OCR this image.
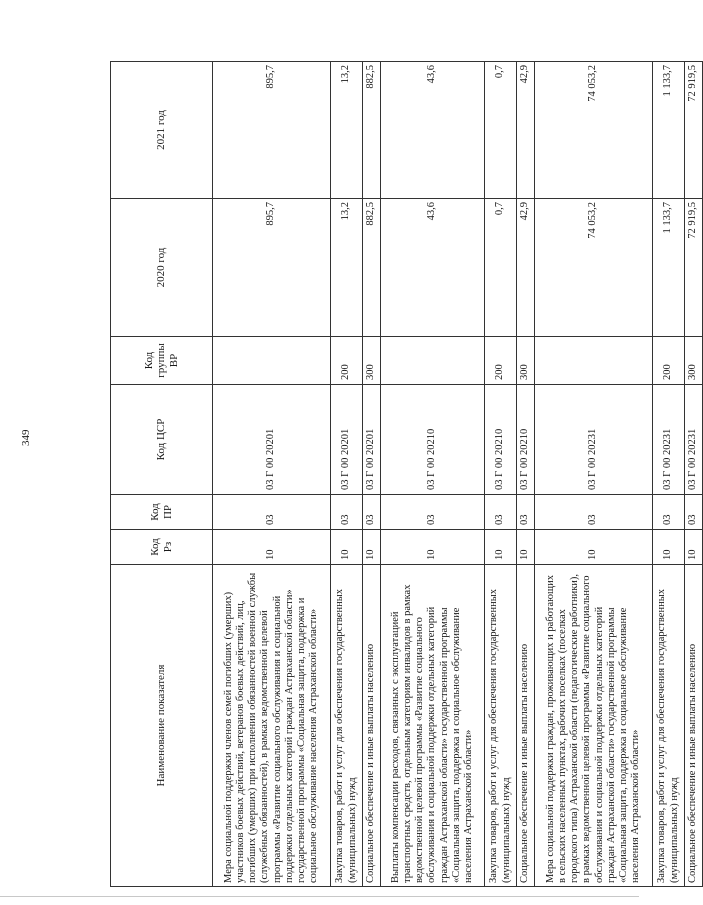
349
Наименование показателя	Код Рз	Код ПР	Код ЦСР	Код группы ВР	2020 год	2021 год
Мера социальной поддержки членов семей погибших (умерших) участников боевых действий, ветеранов боевых действий, лиц, погибших (умерших) при исполнении обязанностей военной службы (служебных обязанностей), в рамках ведомственной целевой программы «Развитие социального обслуживания и социальной поддержки отдельных категорий граждан Астраханской области» государственной программы «Социальная защита, поддержка и социальное обслуживание населения Астраханской области»	10	03	03 Г 00 20201		895,7	895,7
Закупка товаров, работ и услуг для обеспечения государственных (муниципальных) нужд	10	03	03 Г 00 20201	200	13,2	13,2
Социальное обеспечение и иные выплаты населению	10	03	03 Г 00 20201	300	882,5	882,5
Выплаты компенсации расходов, связанных с эксплуатацией транспортных средств, отдельным категориям инвалидов в рамках ведомственной целевой программы «Развитие социального обслуживания и социальной поддержки отдельных категорий граждан Астраханской области» государственной программы «Социальная защита, поддержка и социальное обслуживание населения Астраханской области»	10	03	03 Г 00 20210		43,6	43,6
Закупка товаров, работ и услуг для обеспечения государственных (муниципальных) нужд	10	03	03 Г 00 20210	200	0,7	0,7
Социальное обеспечение и иные выплаты населению	10	03	03 Г 00 20210	300	42,9	42,9
Мера социальной поддержки граждан, проживающих и работающих в сельских населенных пунктах, рабочих поселках (поселках городского типа) Астраханской области (педагогические работники), в рамках ведомственной целевой программы «Развитие социального обслуживания и социальной поддержки отдельных категорий граждан Астраханской области» государственной программы «Социальная защита, поддержка и социальное обслуживание населения Астраханской области»	10	03	03 Г 00 20231		74 053,2	74 053,2
Закупка товаров, работ и услуг для обеспечения государственных (муниципальных) нужд	10	03	03 Г 00 20231	200	1 133,7	1 133,7
Социальное обеспечение и иные выплаты населению	10	03	03 Г 00 20231	300	72 919,5	72 919,5
